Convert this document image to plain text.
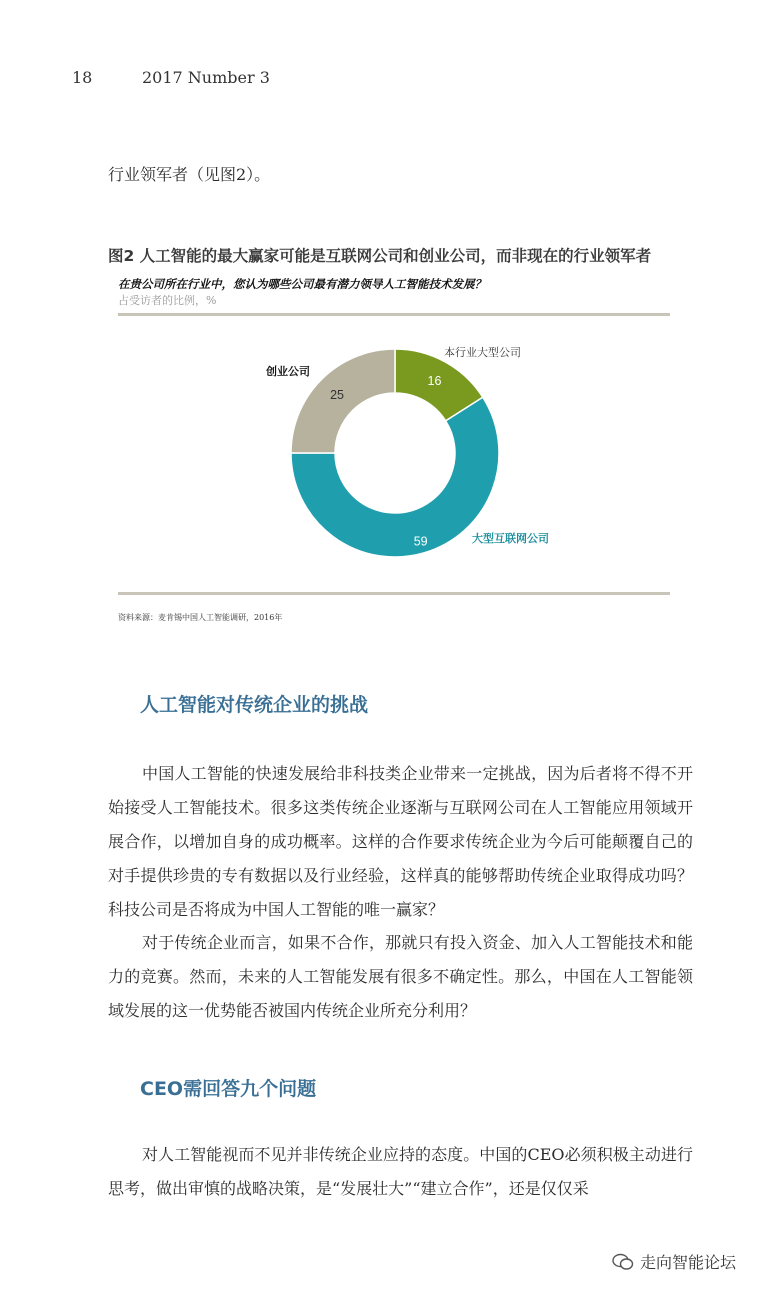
18	2017 Number 3
行业领军者（见图2）。
图2 人工智能的最大赢家可能是互联网公司和创业公司，而非现在的行业领军者
在贵公司所在行业中，您认为哪些公司最有潜力领导人工智能技术发展？
占受访者的比例，%
16
59
25
本行业大型公司
创业公司
大型互联网公司
资料来源：麦肯锡中国人工智能调研，2016年
人工智能对传统企业的挑战

中国人工智能的快速发展给非科技类企业带来一定挑战，因为后者将不得不开始接受人工智能技术。很多这类传统企业逐渐与互联网公司在人工智能应用领域开展合作，以增加自身的成功概率。这样的合作要求传统企业为今后可能颠覆自己的对手提供珍贵的专有数据以及行业经验，这样真的能够帮助传统企业取得成功吗？科技公司是否将成为中国人工智能的唯一赢家？

对于传统企业而言，如果不合作，那就只有投入资金、加入人工智能技术和能力的竞赛。然而，未来的人工智能发展有很多不确定性。那么，中国在人工智能领域发展的这一优势能否被国内传统企业所充分利用？

CEO需回答九个问题

对人工智能视而不见并非传统企业应持的态度。中国的CEO必须积极主动进行思考，做出审慎的战略决策，是“发展壮大”“建立合作”，还是仅仅采

走向智能论坛
